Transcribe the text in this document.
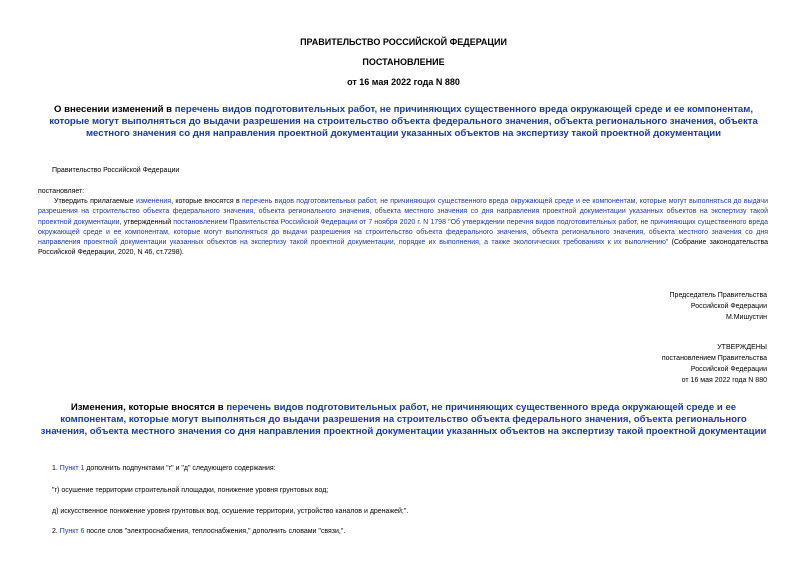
ПРАВИТЕЛЬСТВО РОССИЙСКОЙ ФЕДЕРАЦИИ
ПОСТАНОВЛЕНИЕ
от 16 мая 2022 года N 880
О внесении изменений в перечень видов подготовительных работ, не причиняющих существенного вреда окружающей среде и ее компонентам, которые могут выполняться до выдачи разрешения на строительство объекта федерального значения, объекта регионального значения, объекта местного значения со дня направления проектной документации указанных объектов на экспертизу такой проектной документации
Правительство Российской Федерации
постановляет:
Утвердить прилагаемые изменения, которые вносятся в перечень видов подготовительных работ, не причиняющих существенного вреда окружающей среде и ее компонентам, которые могут выполняться до выдачи разрешения на строительство объекта федерального значения, объекта регионального значения, объекта местного значения со дня направления проектной документации указанных объектов на экспертизу такой проектной документации, утвержденный постановлением Правительства Российской Федерации от 7 ноября 2020 г. N 1798 "Об утверждении перечня видов подготовительных работ, не причиняющих существенного вреда окружающей среде и ее компонентам, которые могут выполняться до выдачи разрешения на строительство объекта федерального значения, объекта регионального значения, объекта местного значения со дня направления проектной документации указанных объектов на экспертизу такой проектной документации, порядке их выполнения, а также экологических требованиях к их выполнению" (Собрание законодательства Российской Федерации, 2020, N 46, ст.7298).
Председатель Правительства
Российской Федерации
М.Мишустин
УТВЕРЖДЕНЫ
постановлением Правительства
Российской Федерации
от 16 мая 2022 года N 880
Изменения, которые вносятся в перечень видов подготовительных работ, не причиняющих существенного вреда окружающей среде и ее компонентам, которые могут выполняться до выдачи разрешения на строительство объекта федерального значения, объекта регионального значения, объекта местного значения со дня направления проектной документации указанных объектов на экспертизу такой проектной документации
1. Пункт 1 дополнить подпунктами "г" и "д" следующего содержания:
"г) осушение территории строительной площадки, понижение уровня грунтовых вод;
д) искусственное понижение уровня грунтовых вод, осушение территории, устройство каналов и дренажей;".
2. Пункт 6 после слов "электроснабжения, теплоснабжения," дополнить словами "связи,".
